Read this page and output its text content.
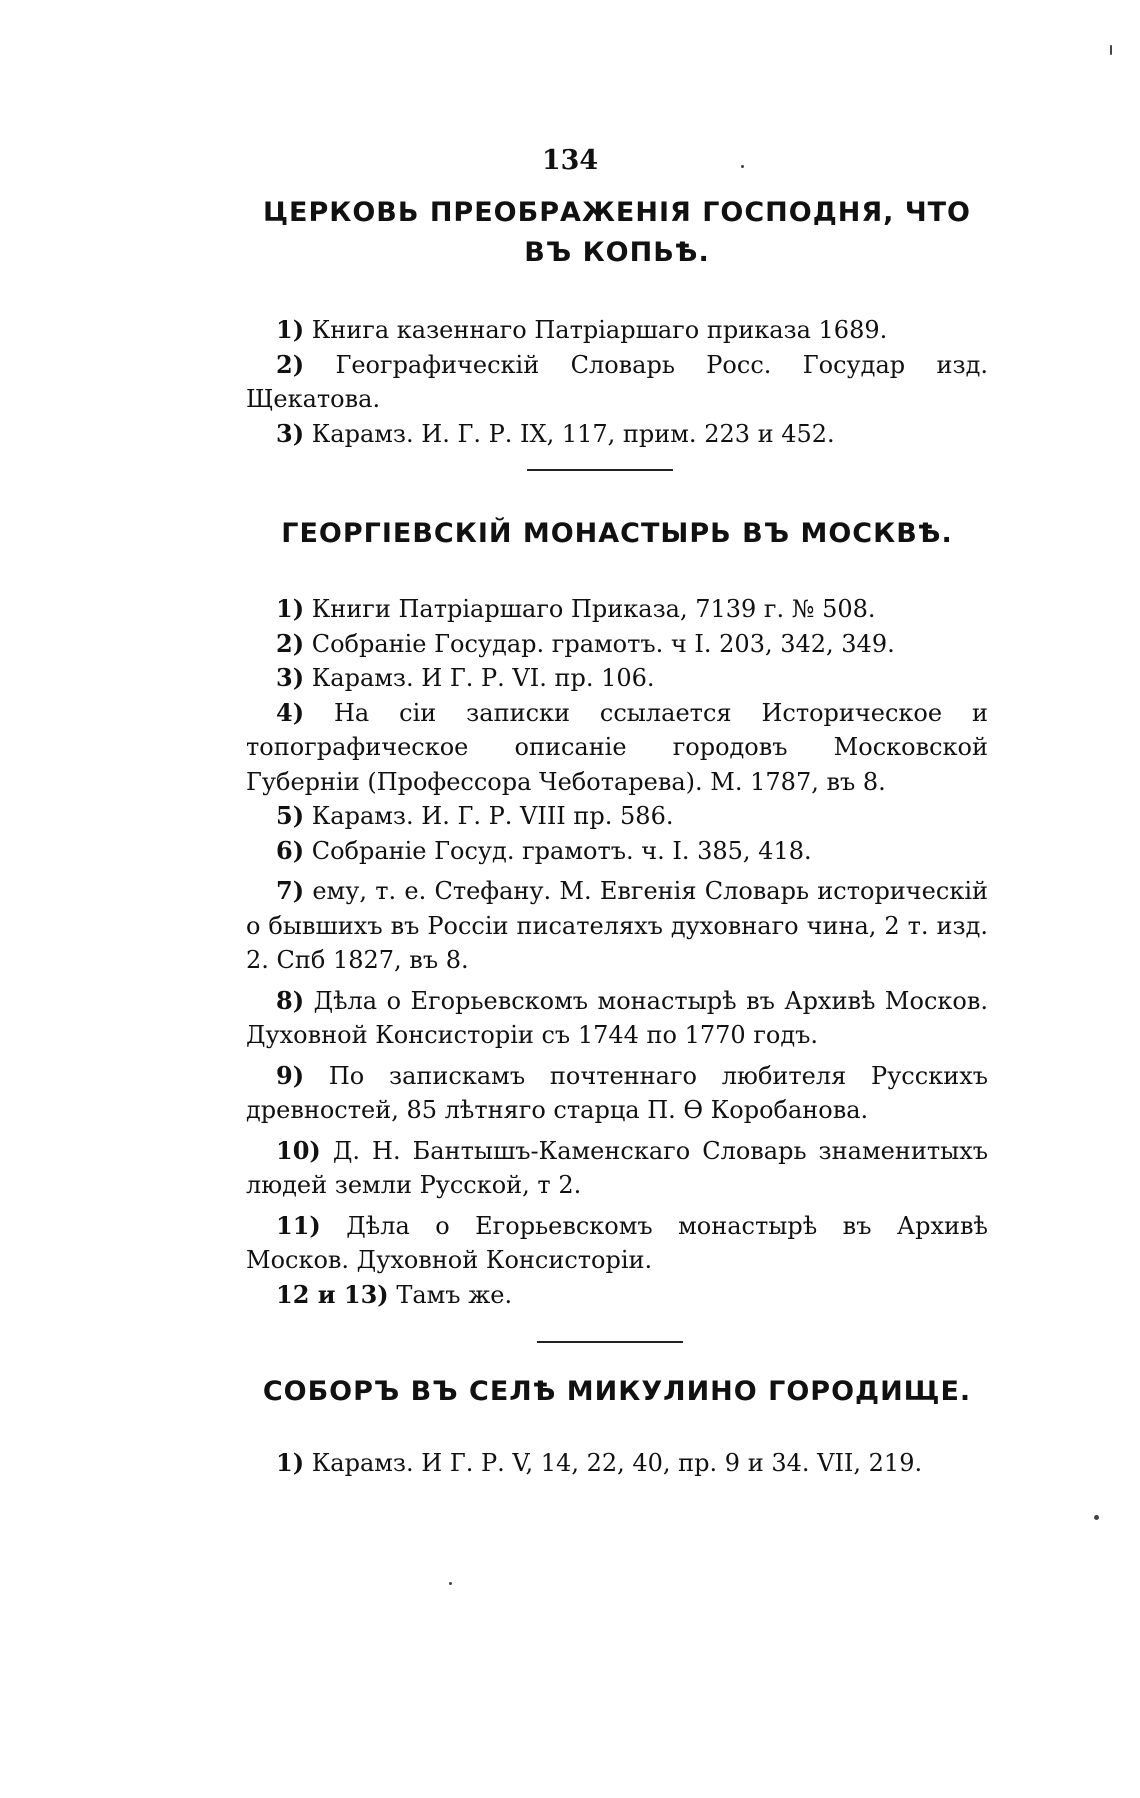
134
ЦЕРКОВЬ ПРЕОБРАЖЕНІЯ ГОСПОДНЯ, ЧТО ВЪ КОПЬѢ.
1) Книга казеннаго Патріаршаго приказа 1689.
2) Географическій Словарь Росс. Государ изд. Щекатова.
3) Карамз. И. Г. Р. IX, 117, прим. 223 и 452.
ГЕОРГІЕВСКІЙ МОНАСТЫРЬ ВЪ МОСКВѢ.
1) Книги Патріаршаго Приказа, 7139 г. № 508.
2) Собраніе Государ. грамотъ. ч I. 203, 342, 349.
3) Карамз. И Г. Р. VI. пр. 106.
4) На сіи записки ссылается Историческое и топографическое описаніе городовъ Московской Губерніи (Профессора Чеботарева). М. 1787, въ 8.
5) Карамз. И. Г. Р. VIII пр. 586.
6) Собраніе Госуд. грамотъ. ч. I. 385, 418.
7) ему, т. е. Стефану. М. Евгенія Словарь историческій о бывшихъ въ Россіи писателяхъ духовнаго чина, 2 т. изд. 2. Спб 1827, въ 8.
8) Дѣла о Егорьевскомъ монастырѣ въ Архивѣ Москов. Духовной Консисторіи съ 1744 по 1770 годъ.
9) По запискамъ почтеннаго любителя Русскихъ древностей, 85 лѣтняго старца П. Ѳ Коробанова.
10) Д. Н. Бантышъ-Каменскаго Словарь знаменитыхъ людей земли Русской, т 2.
11) Дѣла о Егорьевскомъ монастырѣ въ Архивѣ Москов. Духовной Консисторіи.
12 и 13) Тамъ же.
СОБОРЪ ВЪ СЕЛѢ МИКУЛИНО ГОРОДИЩЕ.
1) Карамз. И Г. Р. V, 14, 22, 40, пр. 9 и 34. VII, 219.
